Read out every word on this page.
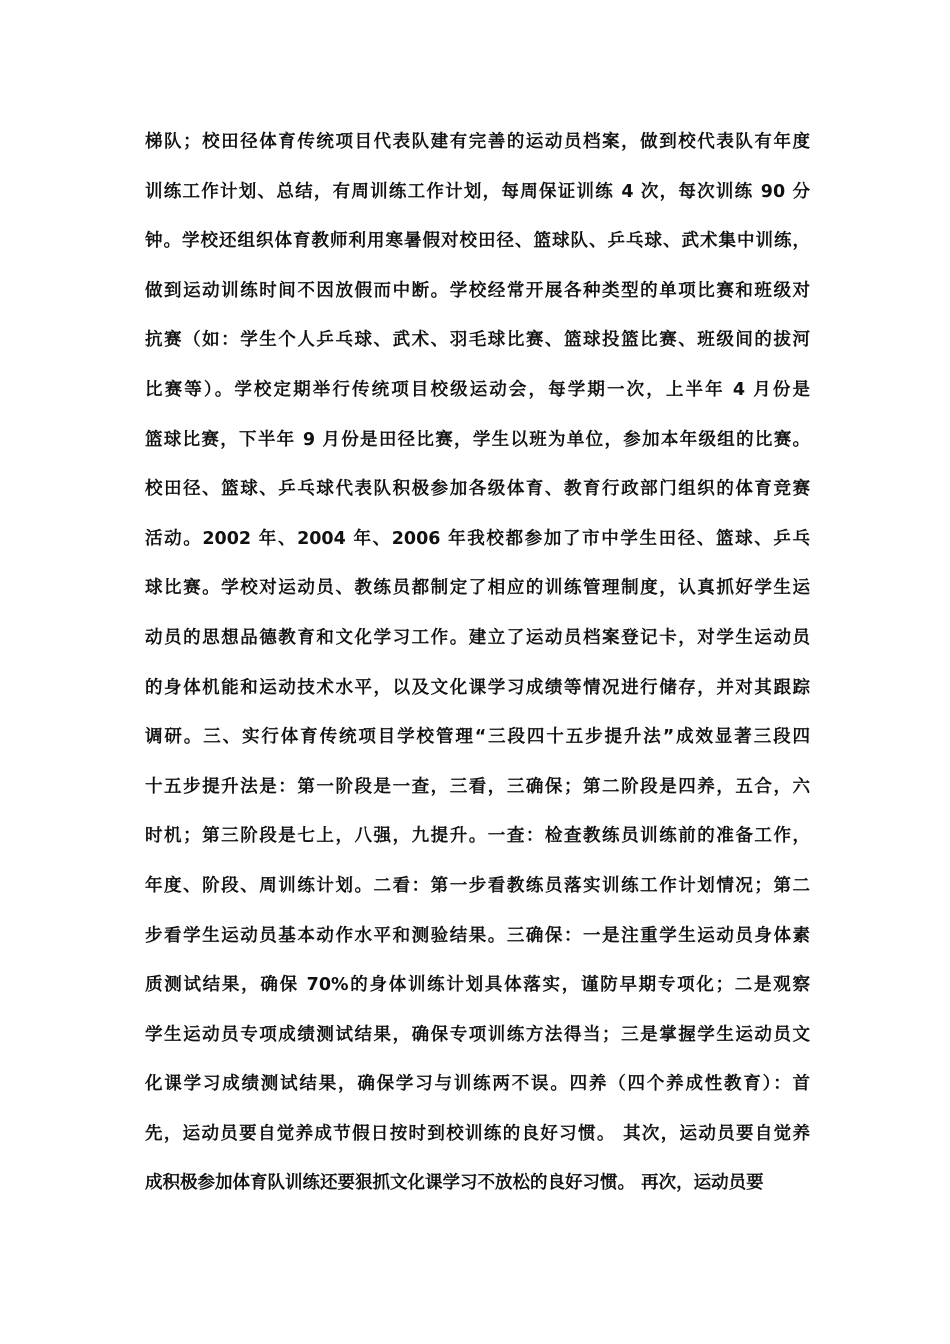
梯队；校田径体育传统项目代表队建有完善的运动员档案，做到校代表队有年度
训练工作计划、总结，有周训练工作计划，每周保证训练 4 次，每次训练 90 分
钟。学校还组织体育教师利用寒暑假对校田径、篮球队、乒乓球、武术集中训练，
做到运动训练时间不因放假而中断。学校经常开展各种类型的单项比赛和班级对
抗赛（如：学生个人乒乓球、武术、羽毛球比赛、篮球投篮比赛、班级间的拔河
比赛等）。学校定期举行传统项目校级运动会，每学期一次，上半年 4 月份是
篮球比赛，下半年 9 月份是田径比赛，学生以班为单位，参加本年级组的比赛。
校田径、篮球、乒乓球代表队积极参加各级体育、教育行政部门组织的体育竞赛
活动。2002 年、2004 年、2006 年我校都参加了市中学生田径、篮球、乒乓
球比赛。学校对运动员、教练员都制定了相应的训练管理制度，认真抓好学生运
动员的思想品德教育和文化学习工作。建立了运动员档案登记卡，对学生运动员
的身体机能和运动技术水平，以及文化课学习成绩等情况进行储存，并对其跟踪
调研。三、实行体育传统项目学校管理“三段四十五步提升法”成效显著三段四
十五步提升法是：第一阶段是一查，三看，三确保；第二阶段是四养，五合，六
时机；第三阶段是七上，八强，九提升。一查：检查教练员训练前的准备工作，
年度、阶段、周训练计划。二看：第一步看教练员落实训练工作计划情况；第二
步看学生运动员基本动作水平和测验结果。三确保：一是注重学生运动员身体素
质测试结果，确保 70%的身体训练计划具体落实，谨防早期专项化；二是观察
学生运动员专项成绩测试结果，确保专项训练方法得当；三是掌握学生运动员文
化课学习成绩测试结果，确保学习与训练两不误。四养（四个养成性教育）：首
先，运动员要自觉养成节假日按时到校训练的良好习惯。 其次，运动员要自觉养
成积极参加体育队训练还要狠抓文化课学习不放松的良好习惯。 再次，运动员要
